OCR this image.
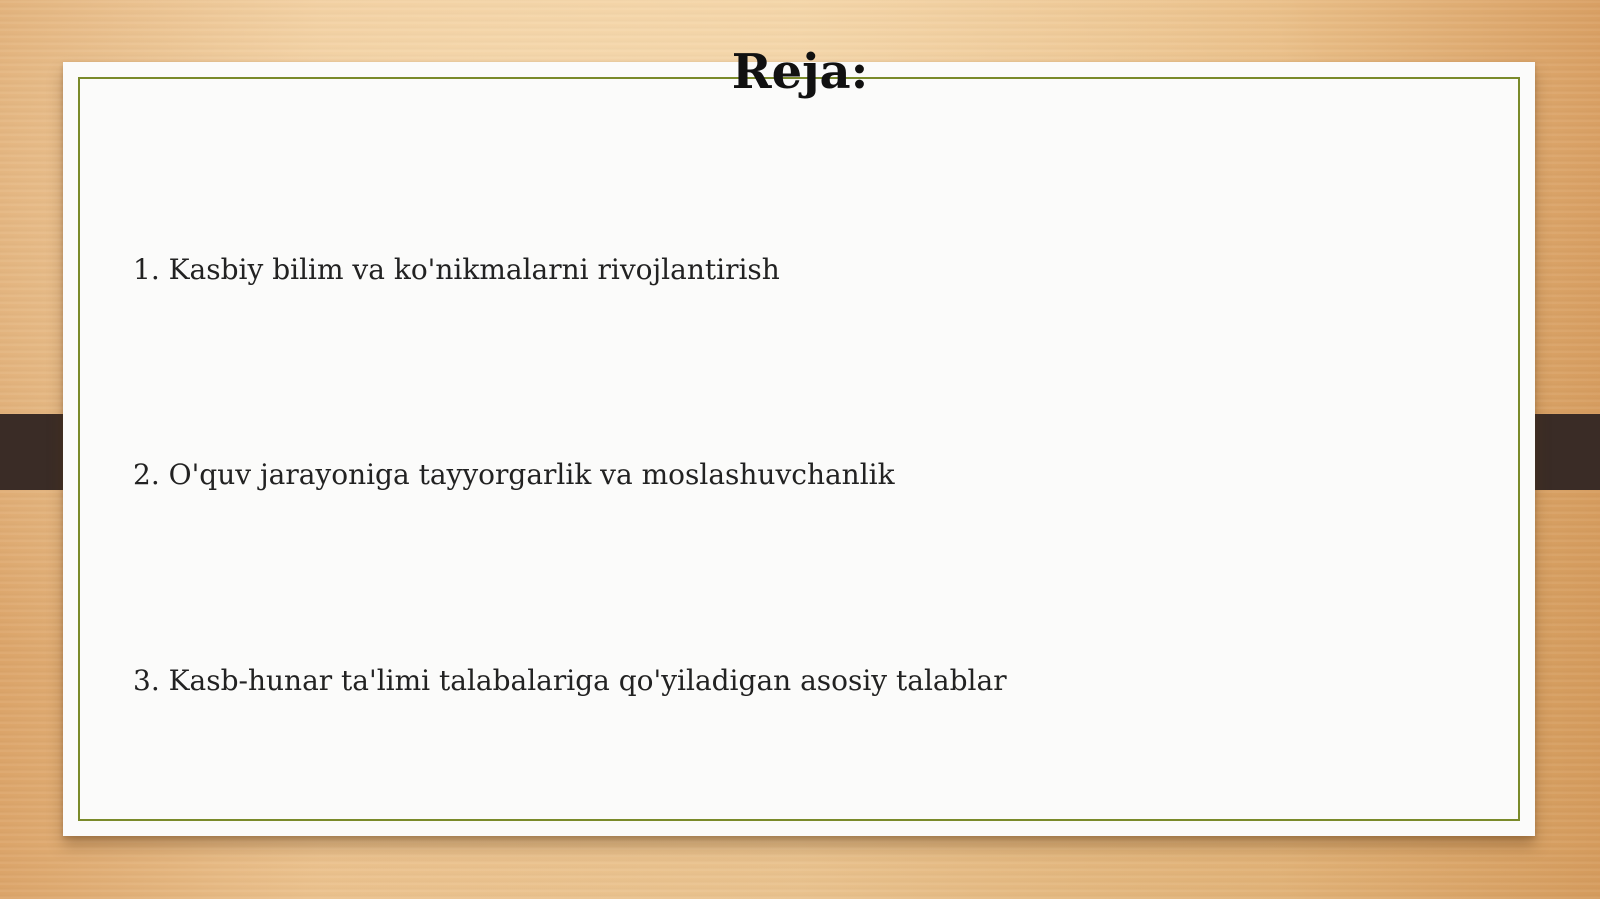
Reja:
1. Kasbiy bilim va ko'nikmalarni rivojlantirish
2. O'quv jarayoniga tayyorgarlik va moslashuvchanlik
3. Kasb-hunar ta'limi talabalariga qo'yiladigan asosiy talablar
